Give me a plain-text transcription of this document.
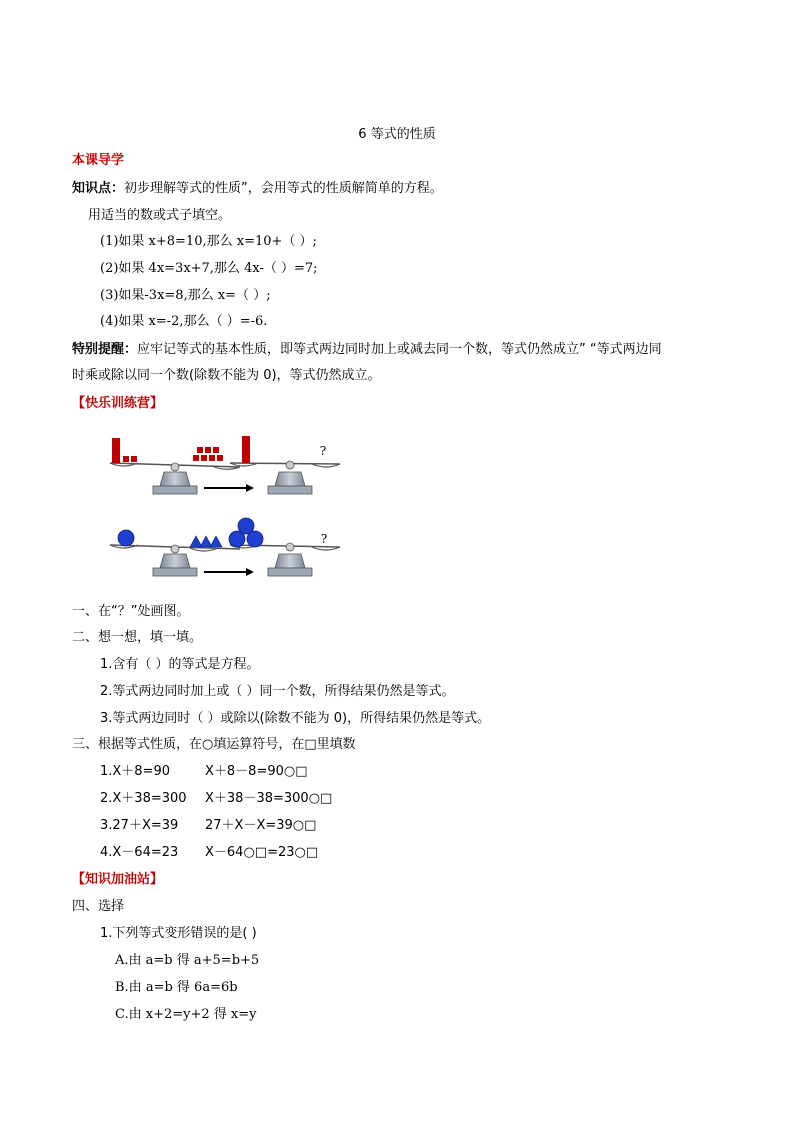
6 等式的性质
本课导学
知识点：初步理解等式的性质”，会用等式的性质解简单的方程。
用适当的数或式子填空。
(1)如果 x+8=10,那么 x=10+（ ）;
(2)如果 4x=3x+7,那么 4x-（ ）=7;
(3)如果-3x=8,那么 x=（ ）;
(4)如果 x=-2,那么（ ）=-6.
特别提醒：应牢记等式的基本性质，即等式两边同时加上或减去同一个数，等式仍然成立” “等式两边同
时乘或除以同一个数(除数不能为 0)，等式仍然成立。
【快乐训练营】
?
?
一、在“？”处画图。
二、想一想，填一填。
1.含有（ ）的等式是方程。
2.等式两边同时加上或（ ）同一个数，所得结果仍然是等式。
3.等式两边同时（ ）或除以(除数不能为 0)，所得结果仍然是等式。
三、根据等式性质，在○填运算符号，在□里填数
1.X＋8=90	X＋8－8=90○□
2.X＋38=300 X＋38－38=300○□
3.27＋X=39 27＋X－X=39○□
4.X－64=23 X－64○□=23○□
【知识加油站】
四、选择
1.下列等式变形错误的是( )
A.由 a=b 得 a+5=b+5
B.由 a=b 得 6a=6b
C.由 x+2=y+2 得 x=y
